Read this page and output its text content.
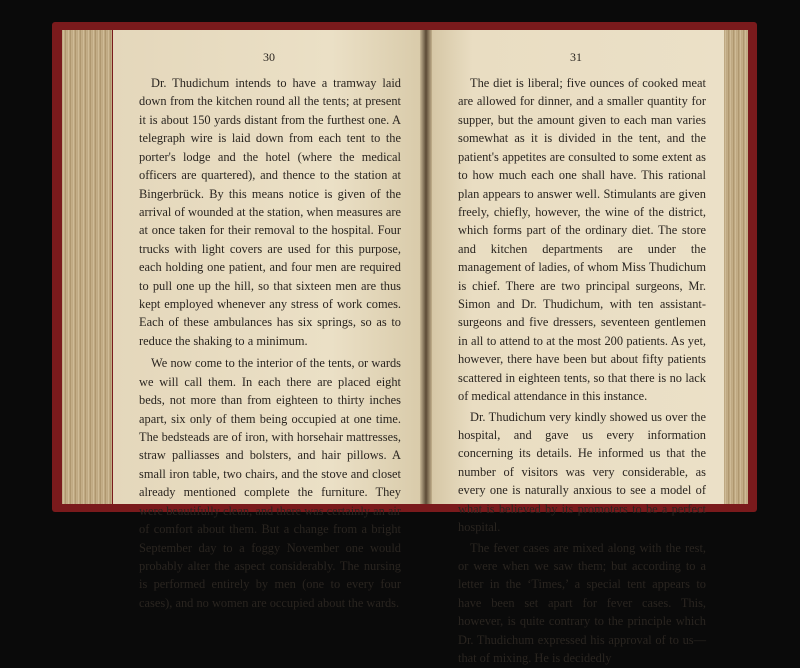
30

Dr. Thudichum intends to have a tramway laid down from the kitchen round all the tents; at present it is about 150 yards distant from the furthest one. A telegraph wire is laid down from each tent to the porter's lodge and the hotel (where the medical officers are quartered), and thence to the station at Bingerbrück. By this means notice is given of the arrival of wounded at the station, when measures are at once taken for their removal to the hospital. Four trucks with light covers are used for this purpose, each holding one patient, and four men are required to pull one up the hill, so that sixteen men are thus kept employed whenever any stress of work comes. Each of these ambulances has six springs, so as to reduce the shaking to a minimum.

We now come to the interior of the tents, or wards we will call them. In each there are placed eight beds, not more than from eighteen to thirty inches apart, six only of them being occupied at one time. The bedsteads are of iron, with horsehair mattresses, straw palliasses and bolsters, and hair pillows. A small iron table, two chairs, and the stove and closet already mentioned complete the furniture. They were beautifully clean, and there was certainly an air of comfort about them. But a change from a bright September day to a foggy November one would probably alter the aspect considerably. The nursing is performed entirely by men (one to every four cases), and no women are occupied about the wards.

31

The diet is liberal; five ounces of cooked meat are allowed for dinner, and a smaller quantity for supper, but the amount given to each man varies somewhat as it is divided in the tent, and the patient's appetites are consulted to some extent as to how much each one shall have. This rational plan appears to answer well. Stimulants are given freely, chiefly, however, the wine of the district, which forms part of the ordinary diet. The store and kitchen departments are under the management of ladies, of whom Miss Thudichum is chief. There are two principal surgeons, Mr. Simon and Dr. Thudichum, with ten assistant-surgeons and five dressers, seventeen gentlemen in all to attend to at the most 200 patients. As yet, however, there have been but about fifty patients scattered in eighteen tents, so that there is no lack of medical attendance in this instance.

Dr. Thudichum very kindly showed us over the hospital, and gave us every information concerning its details. He informed us that the number of visitors was very considerable, as every one is naturally anxious to see a model of what is believed by its promoters to be a perfect hospital.

The fever cases are mixed along with the rest, or were when we saw them; but according to a letter in the ‘Times,’ a special tent appears to have been set apart for fever cases. This, however, is quite contrary to the principle which Dr. Thudichum expressed his approval of to us—that of mixing. He is decidedly
